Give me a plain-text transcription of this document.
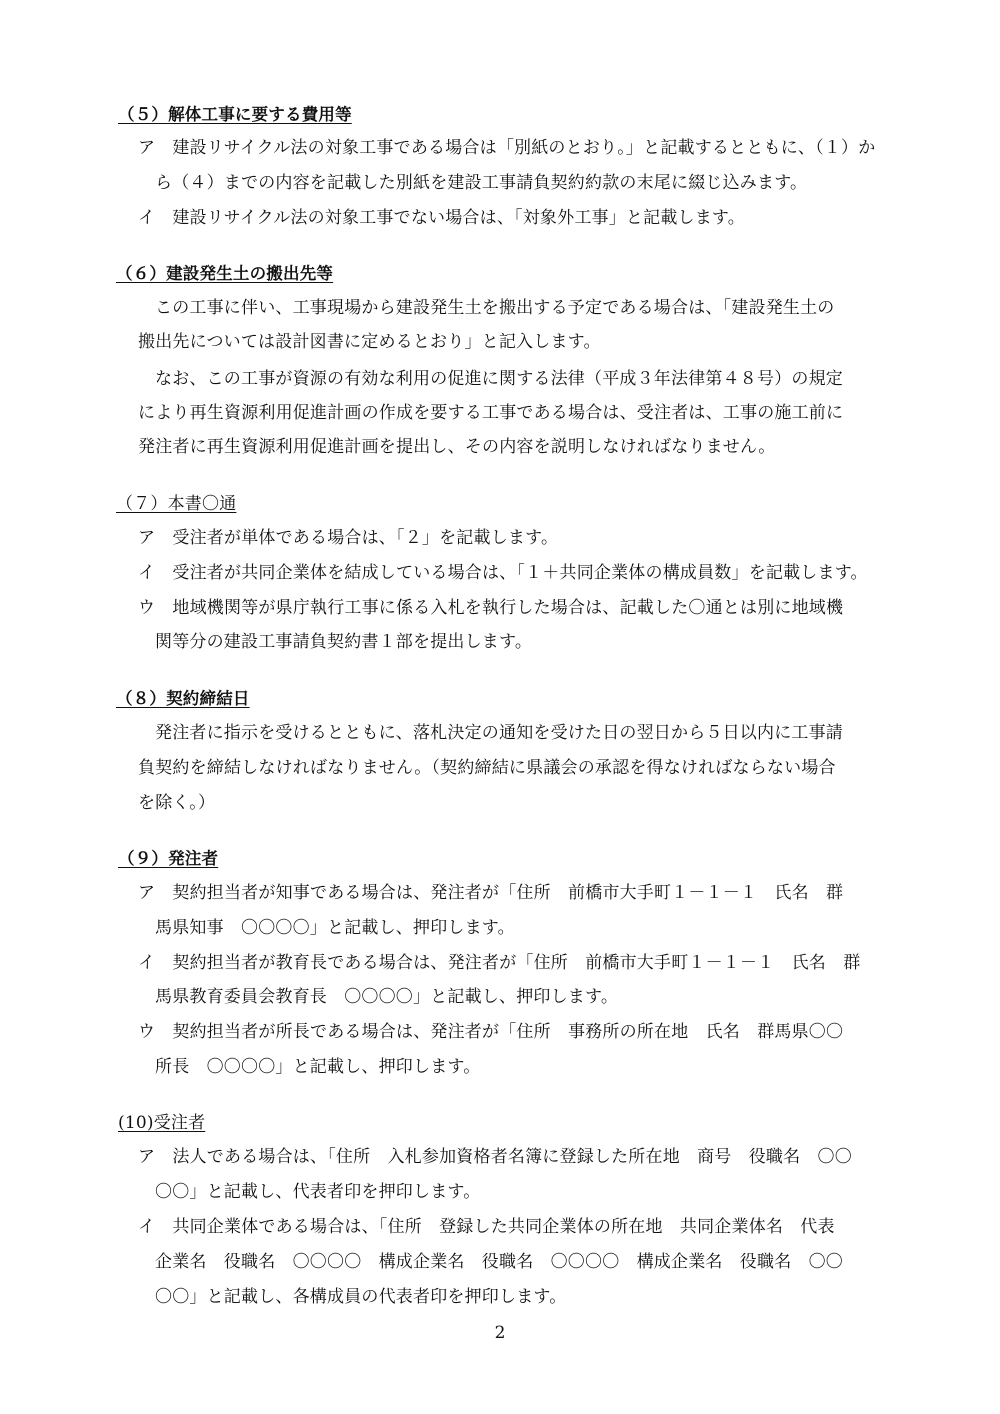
（５）解体工事に要する費用等
ア　建設リサイクル法の対象工事である場合は「別紙のとおり。」と記載するとともに、（１）か
ら（４）までの内容を記載した別紙を建設工事請負契約約款の末尾に綴じ込みます。
イ　建設リサイクル法の対象工事でない場合は、「対象外工事」と記載します。
（６）建設発生土の搬出先等
この工事に伴い、工事現場から建設発生土を搬出する予定である場合は、「建設発生土の
搬出先については設計図書に定めるとおり」と記入します。
なお、この工事が資源の有効な利用の促進に関する法律（平成３年法律第４８号）の規定
により再生資源利用促進計画の作成を要する工事である場合は、受注者は、工事の施工前に
発注者に再生資源利用促進計画を提出し、その内容を説明しなければなりません。
（７）本書〇通
ア　受注者が単体である場合は、「２」を記載します。
イ　受注者が共同企業体を結成している場合は、「１＋共同企業体の構成員数」を記載します。
ウ　地域機関等が県庁執行工事に係る入札を執行した場合は、記載した〇通とは別に地域機
関等分の建設工事請負契約書１部を提出します。
（８）契約締結日
発注者に指示を受けるとともに、落札決定の通知を受けた日の翌日から５日以内に工事請
負契約を締結しなければなりません。（契約締結に県議会の承認を得なければならない場合
を除く。）
（９）発注者
ア　契約担当者が知事である場合は、発注者が「住所　前橋市大手町１－１－１　氏名　群
馬県知事　〇〇〇〇」と記載し、押印します。
イ　契約担当者が教育長である場合は、発注者が「住所　前橋市大手町１－１－１　氏名　群
馬県教育委員会教育長　〇〇〇〇」と記載し、押印します。
ウ　契約担当者が所長である場合は、発注者が「住所　事務所の所在地　氏名　群馬県〇〇
所長　〇〇〇〇」と記載し、押印します。
(10)受注者
ア　法人である場合は、「住所　入札参加資格者名簿に登録した所在地　商号　役職名　〇〇
〇〇」と記載し、代表者印を押印します。
イ　共同企業体である場合は、「住所　登録した共同企業体の所在地　共同企業体名　代表
企業名　役職名　〇〇〇〇　構成企業名　役職名　〇〇〇〇　構成企業名　役職名　〇〇
〇〇」と記載し、各構成員の代表者印を押印します。
2
